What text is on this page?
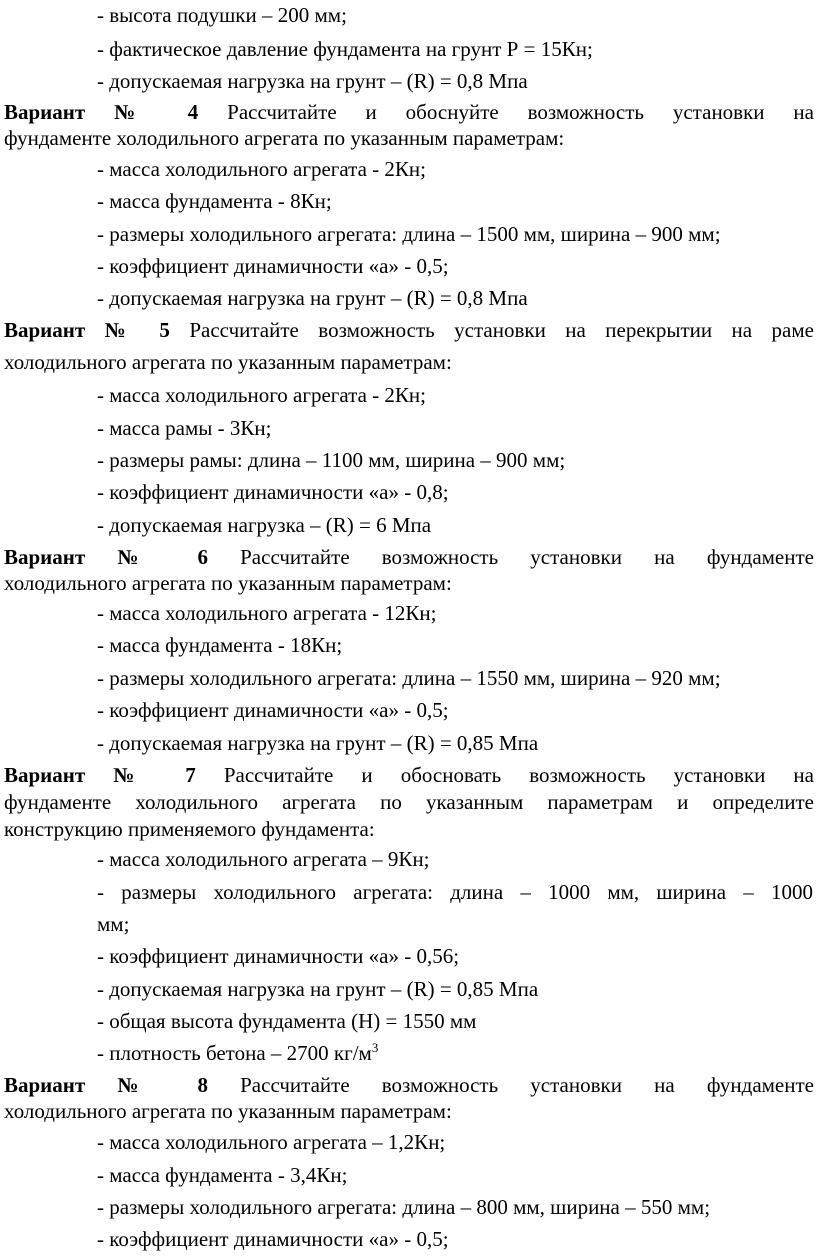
- высота подушки – 200 мм;
- фактическое давление фундамента на грунт Р = 15Кн;
- допускаемая нагрузка на грунт – (R) = 0,8 Мпа
Вариант № 4 Рассчитайте и обоснуйте возможность установки на
фундаменте холодильного агрегата по указанным параметрам:
- масса холодильного агрегата - 2Кн;
- масса фундамента - 8Кн;
- размеры холодильного агрегата: длина – 1500 мм, ширина – 900 мм;
- коэффициент динамичности «а» - 0,5;
- допускаемая нагрузка на грунт – (R) = 0,8 Мпа
Вариант № 5 Рассчитайте возможность установки на перекрытии на раме
холодильного агрегата по указанным параметрам:
- масса холодильного агрегата - 2Кн;
- масса рамы - 3Кн;
- размеры рамы: длина – 1100 мм, ширина – 900 мм;
- коэффициент динамичности «а» - 0,8;
- допускаемая нагрузка – (R) = 6 Мпа
Вариант № 6 Рассчитайте возможность установки на фундаменте
холодильного агрегата по указанным параметрам:
- масса холодильного агрегата - 12Кн;
- масса фундамента - 18Кн;
- размеры холодильного агрегата: длина – 1550 мм, ширина – 920 мм;
- коэффициент динамичности «а» - 0,5;
- допускаемая нагрузка на грунт – (R) = 0,85 Мпа
Вариант № 7 Рассчитайте и обосновать возможность установки на
фундаменте холодильного агрегата по указанным параметрам и определите
конструкцию применяемого фундамента:
- масса холодильного агрегата – 9Кн;
- размеры холодильного агрегата: длина – 1000 мм, ширина – 1000
мм;
- коэффициент динамичности «а» - 0,56;
- допускаемая нагрузка на грунт – (R) = 0,85 Мпа
- общая высота фундамента (Н) = 1550 мм
- плотность бетона – 2700 $кг/м^3$
Вариант № 8 Рассчитайте возможность установки на фундаменте
холодильного агрегата по указанным параметрам:
- масса холодильного агрегата – 1,2Кн;
- масса фундамента - 3,4Кн;
- размеры холодильного агрегата: длина – 800 мм, ширина – 550 мм;
- коэффициент динамичности «а» - 0,5;
